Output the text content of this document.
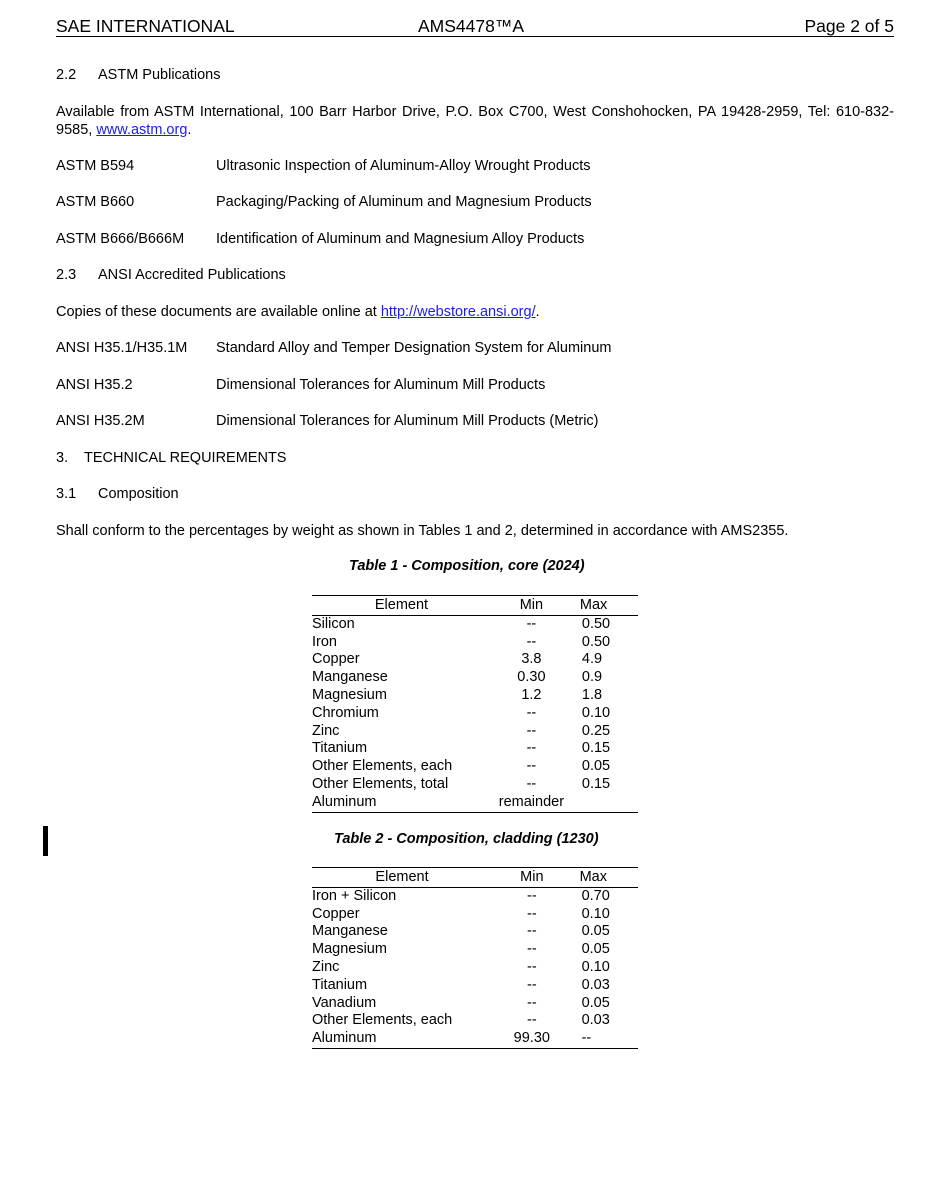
SAE INTERNATIONAL	AMS4478™A	Page 2 of 5
2.2 ASTM Publications
Available from ASTM International, 100 Barr Harbor Drive, P.O. Box C700, West Conshohocken, PA 19428-2959, Tel: 610-832-9585, www.astm.org.
ASTM B594	Ultrasonic Inspection of Aluminum-Alloy Wrought Products
ASTM B660	Packaging/Packing of Aluminum and Magnesium Products
ASTM B666/B666M Identification of Aluminum and Magnesium Alloy Products
2.3 ANSI Accredited Publications
Copies of these documents are available online at http://webstore.ansi.org/.
ANSI H35.1/H35.1M Standard Alloy and Temper Designation System for Aluminum
ANSI H35.2	Dimensional Tolerances for Aluminum Mill Products
ANSI H35.2M	Dimensional Tolerances for Aluminum Mill Products (Metric)
3. TECHNICAL REQUIREMENTS
3.1 Composition
Shall conform to the percentages by weight as shown in Tables 1 and 2, determined in accordance with AMS2355.
Table 1 - Composition, core (2024)
Element	Min	Max
Silicon	--	0.50
Iron	--	0.50
Copper	3.8	4.9
Manganese	0.30	0.9
Magnesium	1.2	1.8
Chromium	--	0.10
Zinc	--	0.25
Titanium	--	0.15
Other Elements, each	--	0.05
Other Elements, total	--	0.15
Aluminum	remainder	
Table 2 - Composition, cladding (1230)
Element	Min	Max
Iron + Silicon	--	0.70
Copper	--	0.10
Manganese	--	0.05
Magnesium	--	0.05
Zinc	--	0.10
Titanium	--	0.03
Vanadium	--	0.05
Other Elements, each	--	0.03
Aluminum	99.30	--
